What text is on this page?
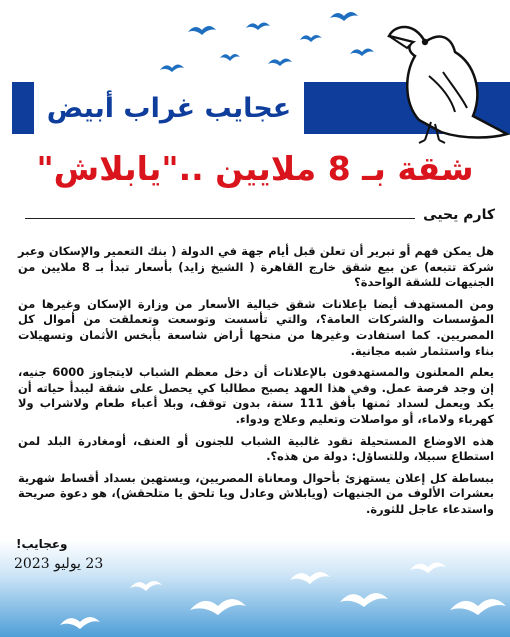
عجايب غراب أبيض
شقة بـ 8 ملايين .."يابلاش"
كارم يحيى

هل يمكن فهم أو تبرير أن تعلن قبل أيام جهة في الدولة ( بنك التعمير والإسكان وعبر شركة تتبعه) عن بيع شقق خارج القاهرة ( الشيخ زايد) بأسعار تبدأ بـ 8 ملايين من الجنيهات للشقة الواحدة؟

ومن المستهدف أيضا بإعلانات شقق خيالية الأسعار من وزارة الإسكان وغيرها من المؤسسات والشركات العامة؟، والتي تأسست وتوسعت وتعملقت من أموال كل المصريين. كما استفادت وغيرها من منحها أراض شاسعة بأبخس الأثمان وتسهيلات بناء واستثمار شبه مجانية.

يعلم المعلنون والمستهدفون بالإعلانات أن دخل معظم الشباب لايتجاوز 6000 جنيه، إن وجد فرصة عمل. وفي هذا العهد يصبح مطالبا كي يحصل على شقة ليبدأ حياته أن يكد ويعمل لسداد ثمنها بأفق 111 سنة، بدون توقف، وبلا أعباء طعام ولاشراب ولا كهرباء ولاماء، أو مواصلات وتعليم وعلاج ودواء.

هذه الاوضاع المستحيلة تقود غالبية الشباب للجنون أو العنف، أومغادرة البلد لمن استطاع سبيلا، وللتساؤل: دولة من هذه؟.

ببساطة كل إعلان يستهزئ بأحوال ومعاناة المصريين، ويستهين بسداد أقساط شهرية بعشرات الألوف من الجنيهات (ويابلاش وعادل ويا تلحق يا متلحقش)، هو دعوة صريحة واستدعاء عاجل للثورة.

وعجايب!
23 يوليو 2023
